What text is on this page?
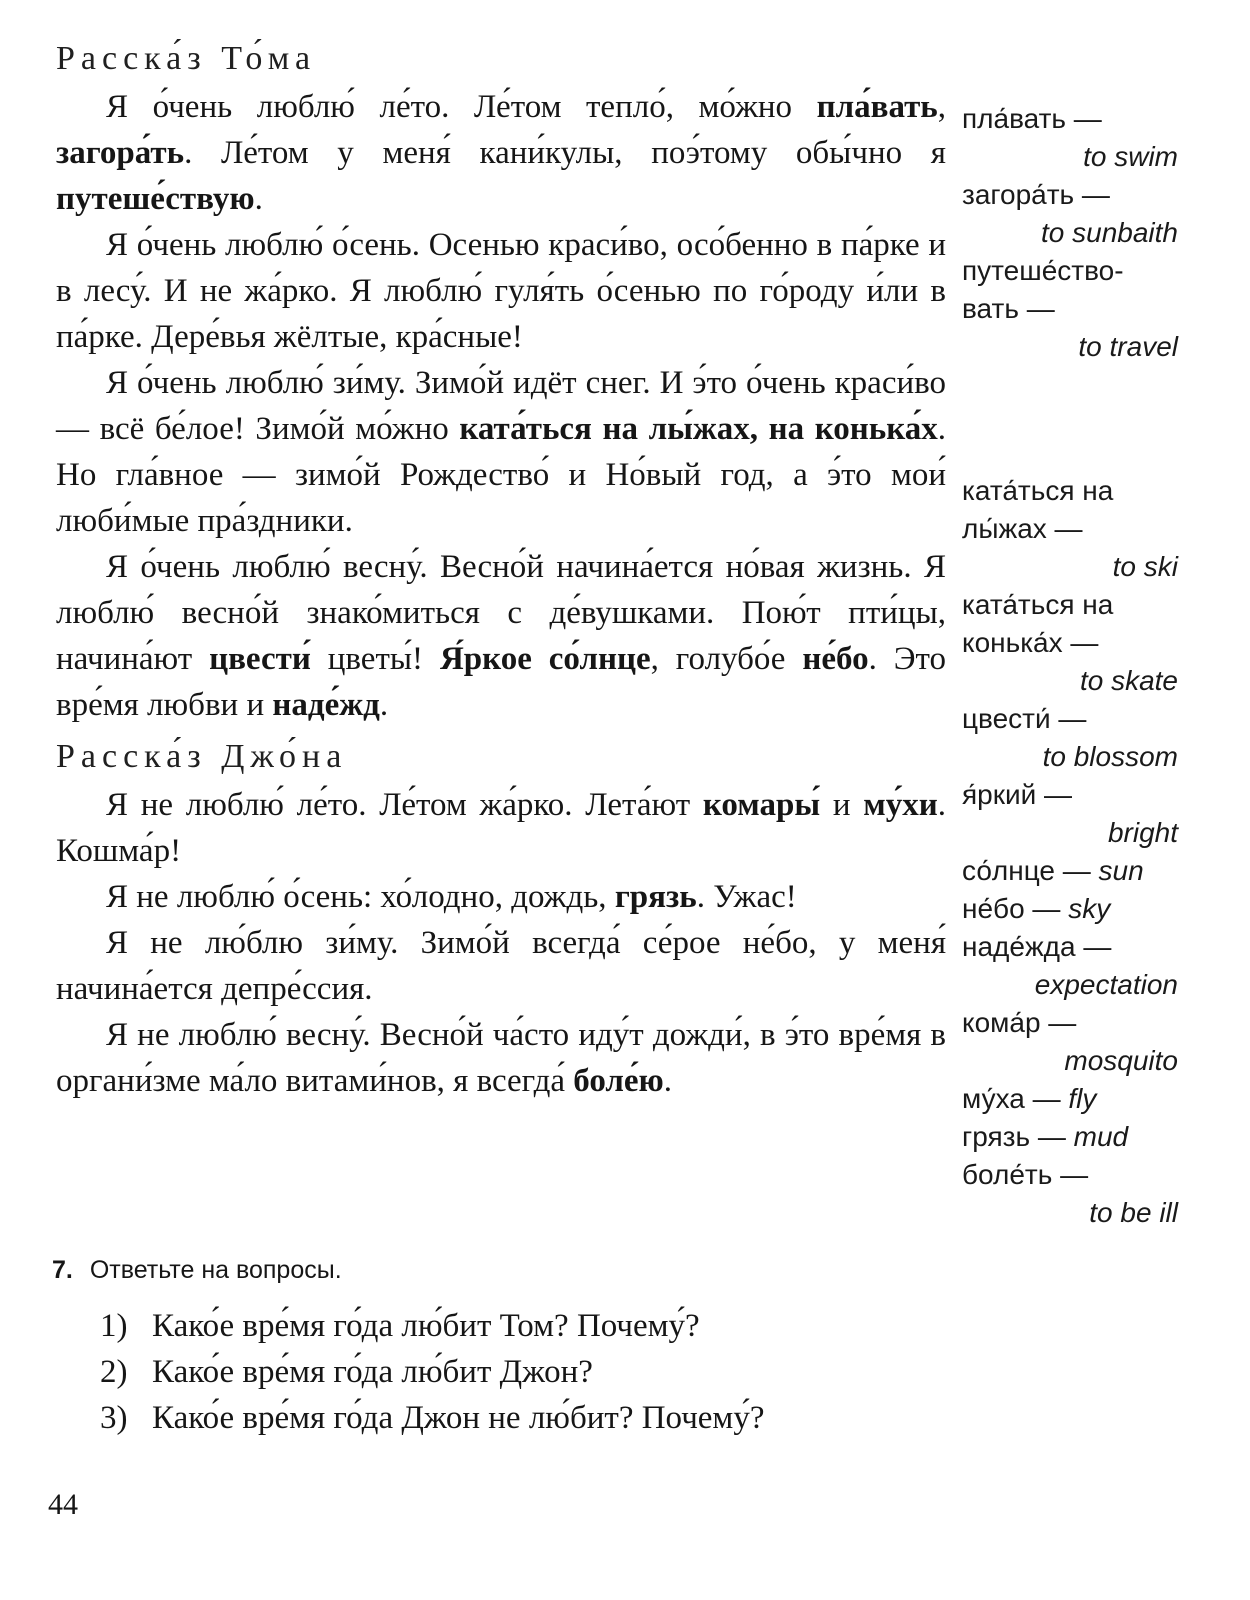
Расска́з То́ма

Я о́чень люблю́ ле́то. Ле́том тепло́, мо́жно пла́вать, загора́ть. Ле́том у меня́ кани́кулы, поэ́тому обы́чно я путеше́ствую.

Я о́чень люблю́ о́сень. Осенью краси́во, осо́бенно в па́рке и в лесу́. И не жа́рко. Я люблю́ гуля́ть о́сенью по го́роду и́ли в па́рке. Дере́вья жёлтые, кра́сные!

Я о́чень люблю́ зи́му. Зимо́й идёт снег. И э́то о́чень краси́во — всё бе́лое! Зимо́й мо́жно ката́ться на лы́жах, на конька́х. Но гла́вное — зимо́й Рождество́ и Но́вый год, а э́то мои́ люби́мые пра́здники.

Я о́чень люблю́ весну́. Весно́й начина́ется но́вая жизнь. Я люблю́ весно́й знако́миться с де́вушками. Пою́т пти́цы, начина́ют цвести́ цветы́! Я́ркое со́лнце, голубо́е не́бо. Это вре́мя любви и наде́жд.

Расска́з Джо́на

Я не люблю́ ле́то. Ле́том жа́рко. Лета́ют комары́ и му́хи. Кошма́р!

Я не люблю́ о́сень: хо́лодно, дождь, грязь. Ужас!

Я не лю́блю зи́му. Зимо́й всегда́ се́рое не́бо, у меня́ начина́ется депре́ссия.

Я не люблю́ весну́. Весно́й ча́сто иду́т дожди́, в э́то вре́мя в органи́зме ма́ло витами́нов, я всегда́ боле́ю.

пла́вать —
to swim
загора́ть —
to sunbaith
путеше́ство-вать —
to travel
ката́ться на лы́жах —
to ski
ката́ться на конька́х —
to skate
цвести́ —
to blossom
я́ркий —
bright
со́лнце — sun
не́бо — sky
наде́жда —
expectation
кома́р —
mosquito
му́ха — fly
грязь — mud
боле́ть —
to be ill

7. Ответьте на вопросы.

1) Како́е вре́мя го́да лю́бит Том? Почему́?
2) Како́е вре́мя го́да лю́бит Джон?
3) Како́е вре́мя го́да Джон не лю́бит? Почему́?
44
